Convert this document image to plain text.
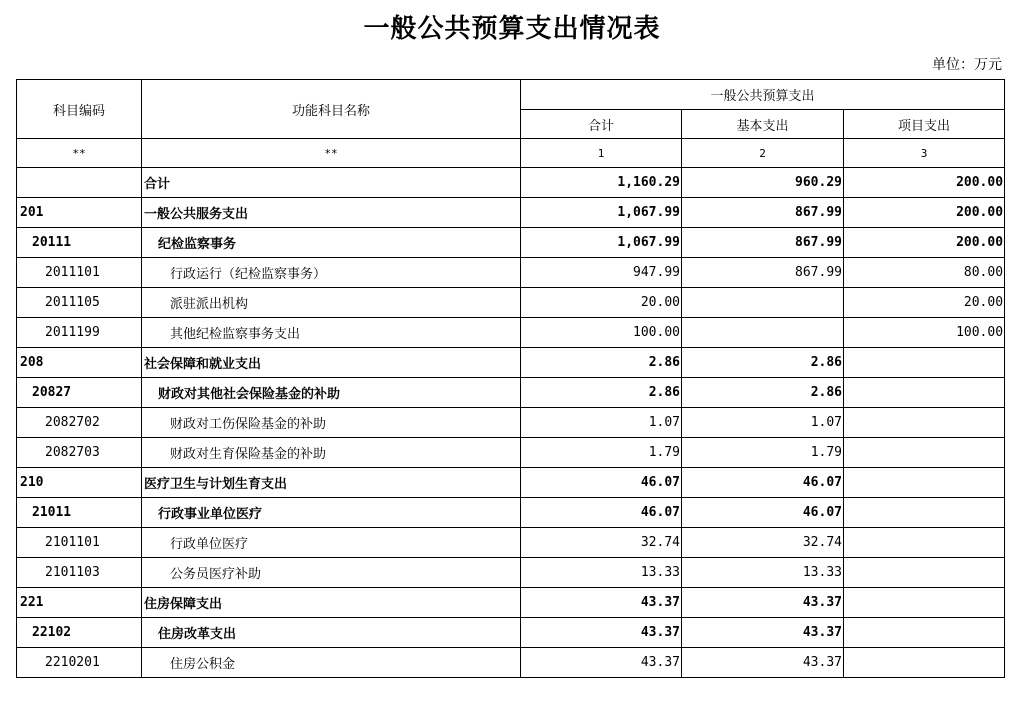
一般公共预算支出情况表
单位：万元
科目编码	功能科目名称	一般公共预算支出		
		合计	基本支出	项目支出
**	**	1	2	3
	合计	1,160.29	960.29	200.00
201	一般公共服务支出	1,067.99	867.99	200.00
20111	纪检监察事务	1,067.99	867.99	200.00
2011101	行政运行（纪检监察事务）	947.99	867.99	80.00
2011105	派驻派出机构	20.00		20.00
2011199	其他纪检监察事务支出	100.00		100.00
208	社会保障和就业支出	2.86	2.86	
20827	财政对其他社会保险基金的补助	2.86	2.86	
2082702	财政对工伤保险基金的补助	1.07	1.07	
2082703	财政对生育保险基金的补助	1.79	1.79	
210	医疗卫生与计划生育支出	46.07	46.07	
21011	行政事业单位医疗	46.07	46.07	
2101101	行政单位医疗	32.74	32.74	
2101103	公务员医疗补助	13.33	13.33	
221	住房保障支出	43.37	43.37	
22102	住房改革支出	43.37	43.37	
2210201	住房公积金	43.37	43.37	
